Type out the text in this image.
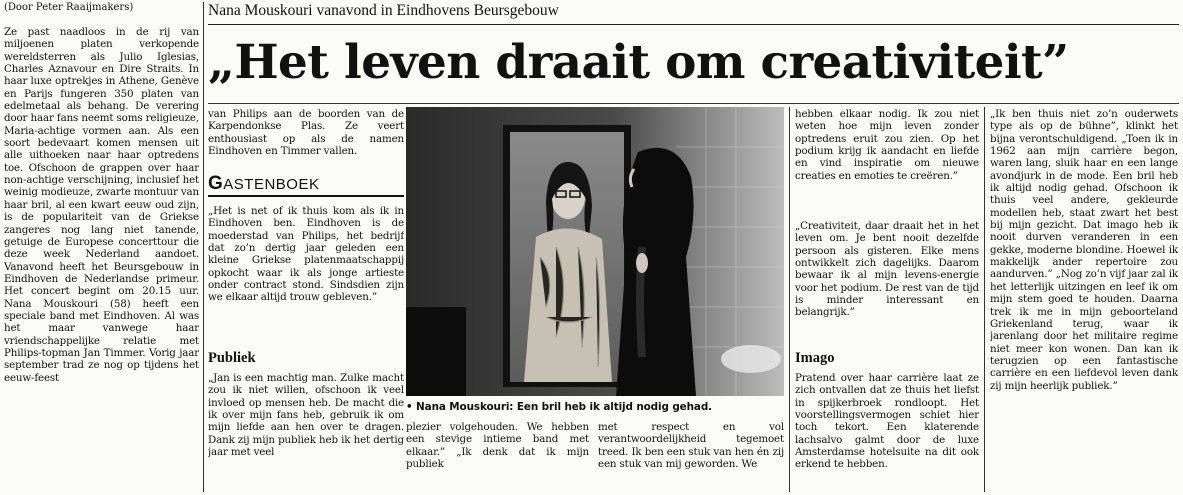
(Door Peter Raaijmakers)	Nana Mouskouri vanavond in Eindhovens Beursgebouw
„Het leven draait om creativiteit”

Ze past naadloos in de rij van miljoenen platen verkopende wereldsterren als Julio Iglesias, Charles Aznavour en Dire Straits. In haar luxe optrekjes in Athene, Genève en Parijs fungeren 350 platen van edelmetaal als behang. De verering door haar fans neemt soms religieuze, Maria-achtige vormen aan. Als een soort bedevaart komen mensen uit alle uithoeken naar haar optredens toe. Ofschoon de grappen over haar non-achtige verschijning, inclusief het weinig modieuze, zwarte montuur van haar bril, al een kwart eeuw oud zijn, is de populariteit van de Griekse zangeres nog lang niet tanende, getuige de Europese concerttour die deze week Nederland aandoet. Vanavond heeft het Beursgebouw in Eindhoven de Nederlandse primeur. Het concert begint om 20.15 uur. Nana Mouskouri (58) heeft een speciale band met Eindhoven. Al was het maar vanwege haar vriendschappelijke relatie met Philips-topman Jan Timmer. Vorig jaar september trad ze nog op tijdens het eeuw-feest

van Philips aan de boorden van de Karpendonkse Plas. Ze veert enthousiast op als de namen Eindhoven en Timmer vallen.

GASTENBOEK

„Het is net of ik thuis kom als ik in Eindhoven ben. Eindhoven is de moederstad van Philips, het bedrijf dat zo’n dertig jaar geleden een kleine Griekse platenmaatschappij opkocht waar ik als jonge artieste onder contract stond. Sindsdien zijn we elkaar altijd trouw gebleven.”

Publiek

„Jan is een machtig man. Zulke macht zou ik niet willen, ofschoon ik veel invloed op mensen heb. De macht die ik over mijn fans heb, gebruik ik om mijn liefde aan hen over te dragen. Dank zij mijn publiek heb ik het dertig jaar met veel

• Nana Mouskouri: Een bril heb ik altijd nodig gehad.

plezier volgehouden. We hebben een stevige intieme band met elkaar.” „Ik denk dat ik mijn publiek

met respect en vol verantwoordelijkheid tegemoet treed. Ik ben een stuk van hen én zij een stuk van mij geworden. We

hebben elkaar nodig. Ik zou niet weten hoe mijn leven zonder optredens eruit zou zien. Op het podium krijg ik aandacht en liefde en vind inspiratie om nieuwe creaties en emoties te creëren.”

„Creativiteit, daar draait het in het leven om. Je bent nooit dezelfde persoon als gisteren. Elke mens ontwikkelt zich dagelijks. Daarom bewaar ik al mijn levens-energie voor het podium. De rest van de tijd is minder interessant en belangrijk.”

Imago

Pratend over haar carrière laat ze zich ontvallen dat ze thuis het liefst in spijkerbroek rondloopt. Het voorstellingsvermogen schiet hier toch tekort. Een klaterende lachsalvo galmt door de luxe Amsterdamse hotelsuite na dit ook erkend te hebben.

„Ik ben thuis niet zo’n ouderwets type als op de bühne”, klinkt het bijna verontschuldigend. „Toen ik in 1962 aan mijn carrière begon, waren lang, sluik haar en een lange avondjurk in de mode. Een bril heb ik altijd nodig gehad. Ofschoon ik thuis veel andere, gekleurde modellen heb, staat zwart het best bij mijn gezicht. Dat imago heb ik nooit durven veranderen in een gekke, moderne blondine. Hoewel ik makkelijk ander repertoire zou aandurven.” „Nog zo’n vijf jaar zal ik het letterlijk uitzingen en leef ik om mijn stem goed te houden. Daarna trek ik me in mijn geboorteland Griekenland terug, waar ik jarenlang door het militaire regime niet meer kon wonen. Dan kan ik terugzien op een fantastische carrière en een liefdevol leven dank zij mijn heerlijk publiek.”
